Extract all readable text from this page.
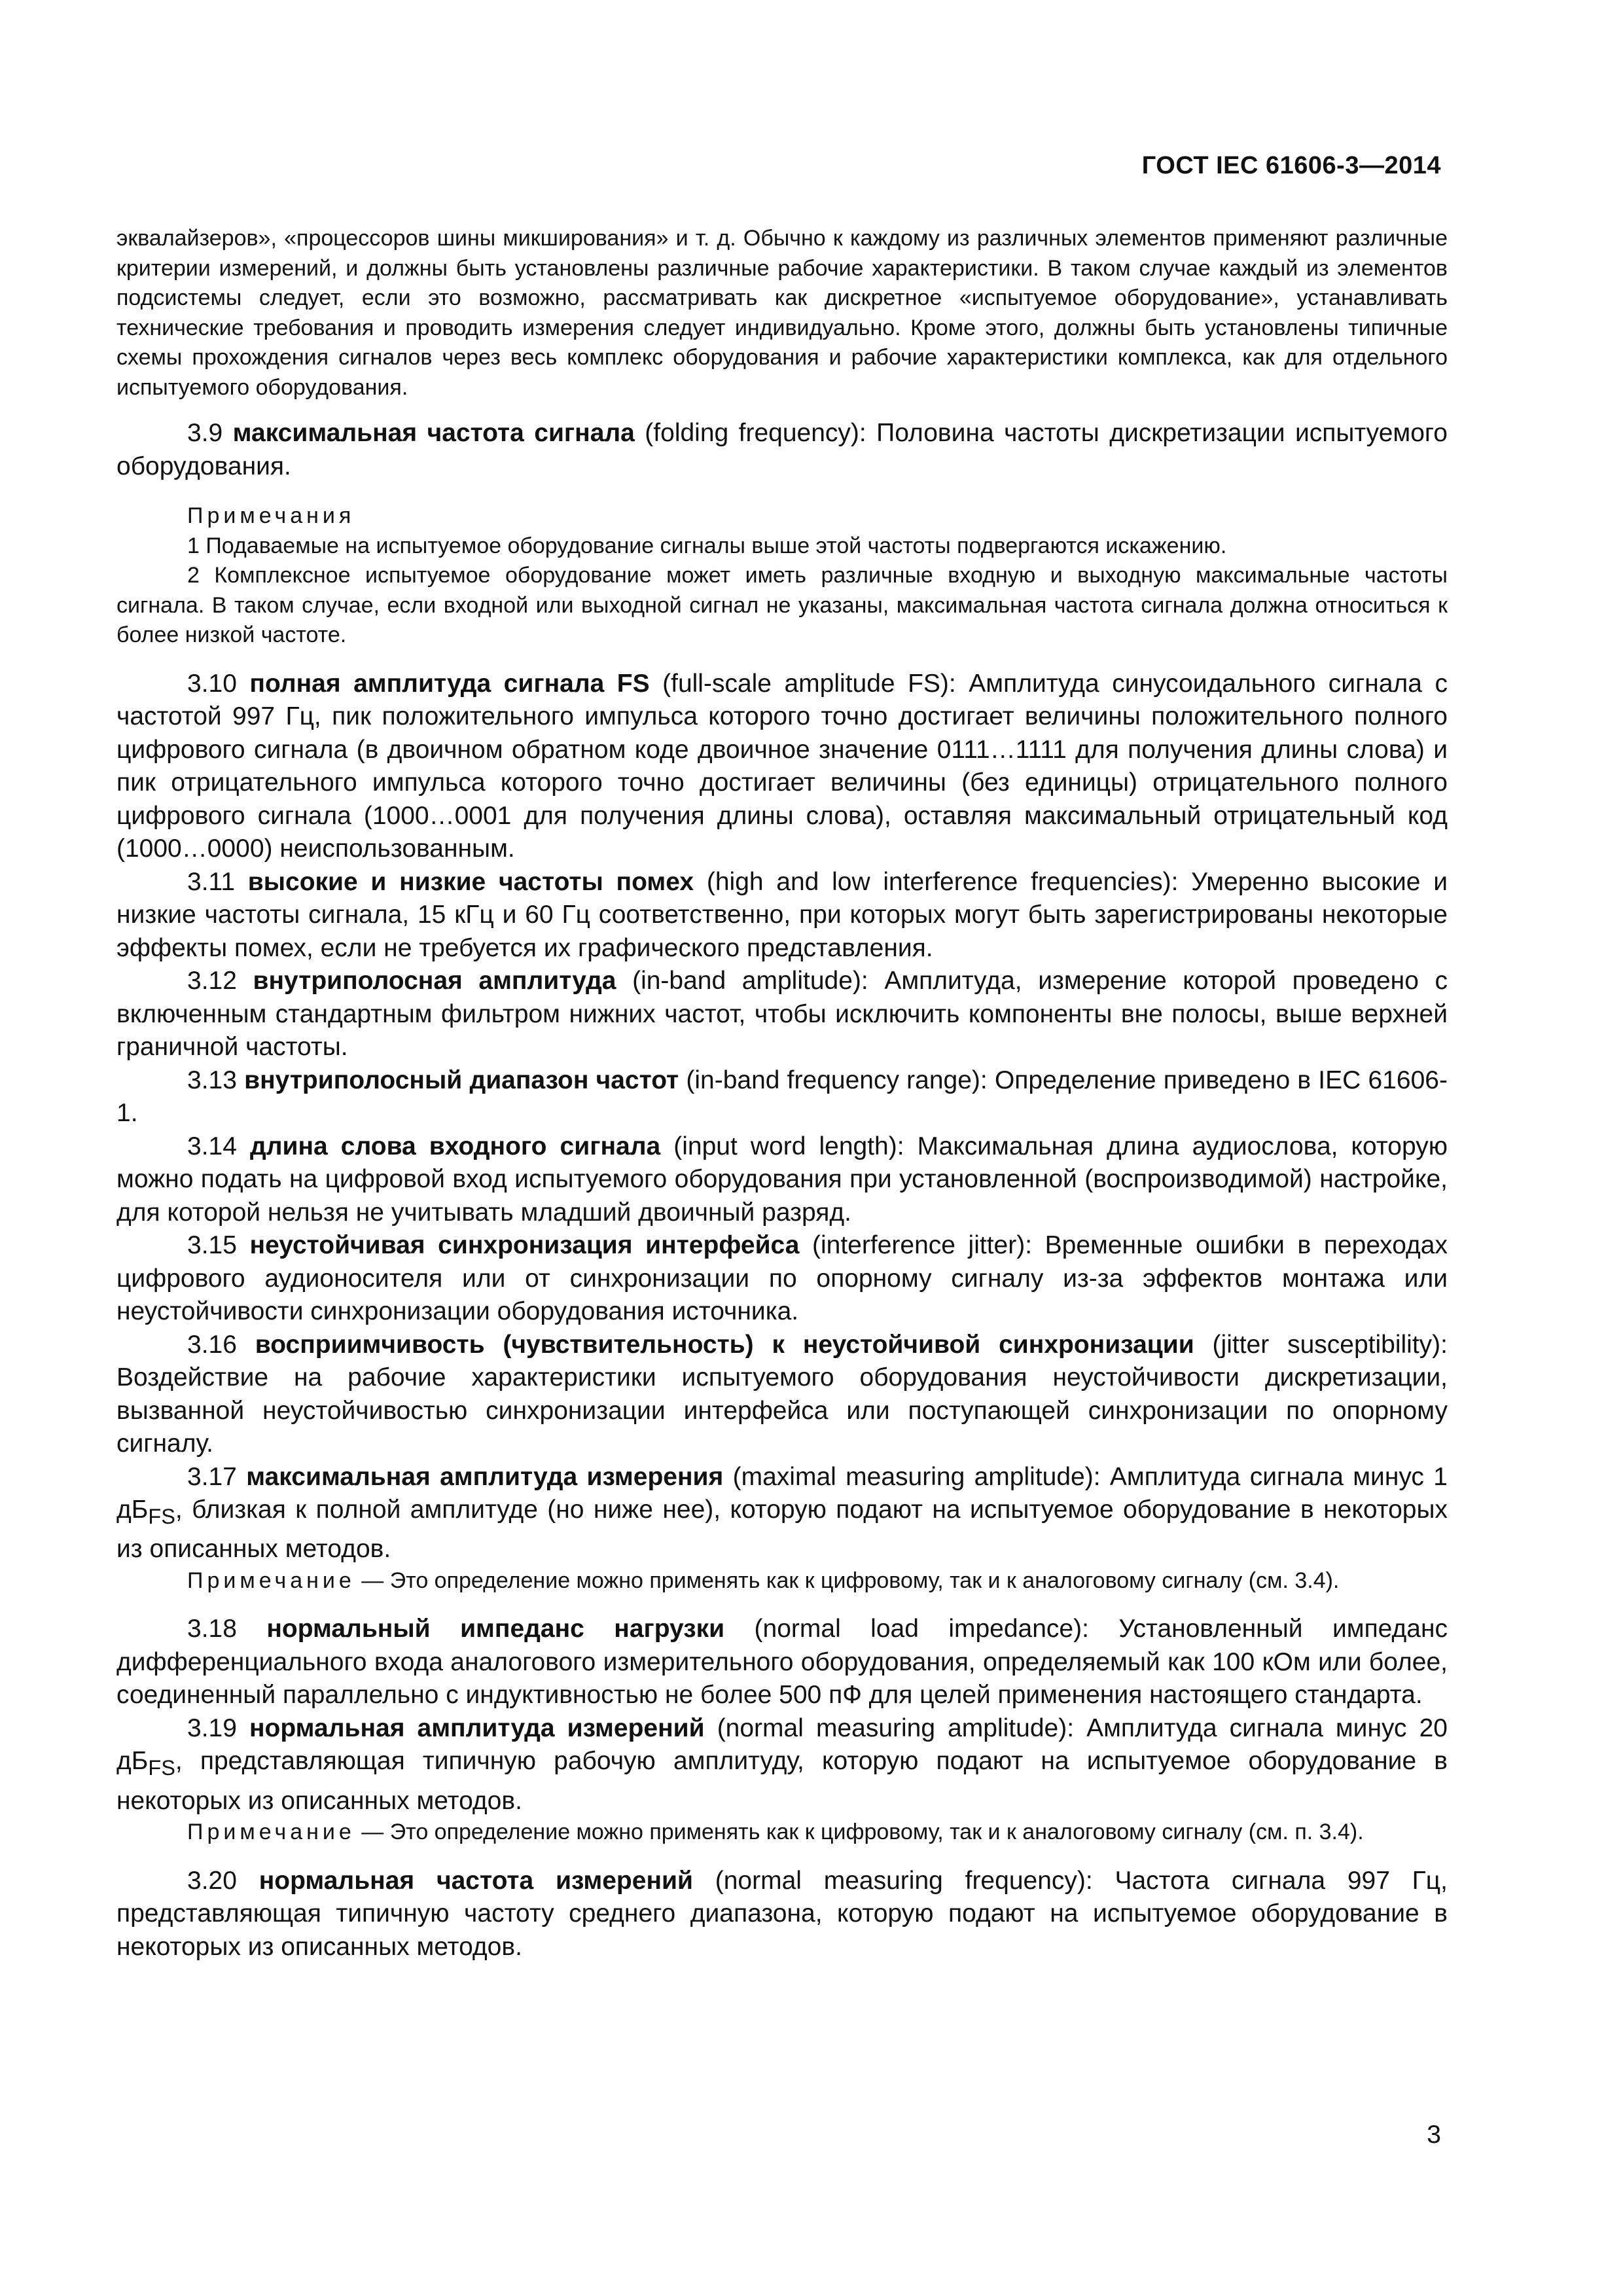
ГОСТ IEC 61606-3—2014

эквалайзеров», «процессоров шины микширования» и т. д. Обычно к каждому из различных элементов применяют различные критерии измерений, и должны быть установлены различные рабочие характеристики. В таком случае каждый из элементов подсистемы следует, если это возможно, рассматривать как дискретное «испытуемое оборудование», устанавливать технические требования и проводить измерения следует индивидуально. Кроме этого, должны быть установлены типичные схемы прохождения сигналов через весь комплекс оборудования и рабочие характеристики комплекса, как для отдельного испытуемого оборудования.

3.9 максимальная частота сигнала (folding frequency): Половина частоты дискретизации испытуемого оборудования.

Примечания

1 Подаваемые на испытуемое оборудование сигналы выше этой частоты подвергаются искажению.

2 Комплексное испытуемое оборудование может иметь различные входную и выходную максимальные частоты сигнала. В таком случае, если входной или выходной сигнал не указаны, максимальная частота сигнала должна относиться к более низкой частоте.

3.10 полная амплитуда сигнала FS (full-scale amplitude FS): Амплитуда синусоидального сигнала с частотой 997 Гц, пик положительного импульса которого точно достигает величины положительного полного цифрового сигнала (в двоичном обратном коде двоичное значение 0111…1111 для получения длины слова) и пик отрицательного импульса которого точно достигает величины (без единицы) отрицательного полного цифрового сигнала (1000…0001 для получения длины слова), оставляя максимальный отрицательный код (1000…0000) неиспользованным.

3.11 высокие и низкие частоты помех (high and low interference frequencies): Умеренно высокие и низкие частоты сигнала, 15 кГц и 60 Гц соответственно, при которых могут быть зарегистрированы некоторые эффекты помех, если не требуется их графического представления.

3.12 внутриполосная амплитуда (in-band amplitude): Амплитуда, измерение которой проведено с включенным стандартным фильтром нижних частот, чтобы исключить компоненты вне полосы, выше верхней граничной частоты.

3.13 внутриполосный диапазон частот (in-band frequency range): Определение приведено в IEC 61606-1.

3.14 длина слова входного сигнала (input word length): Максимальная длина аудиослова, которую можно подать на цифровой вход испытуемого оборудования при установленной (воспроизводимой) настройке, для которой нельзя не учитывать младший двоичный разряд.

3.15 неустойчивая синхронизация интерфейса (interference jitter): Временные ошибки в переходах цифрового аудионосителя или от синхронизации по опорному сигналу из-за эффектов монтажа или неустойчивости синхронизации оборудования источника.

3.16 восприимчивость (чувствительность) к неустойчивой синхронизации (jitter susceptibility): Воздействие на рабочие характеристики испытуемого оборудования неустойчивости дискретизации, вызванной неустойчивостью синхронизации интерфейса или поступающей синхронизации по опорному сигналу.

3.17 максимальная амплитуда измерения (maximal measuring amplitude): Амплитуда сигнала минус 1 $дБ_{FS}$, близкая к полной амплитуде (но ниже нее), которую подают на испытуемое оборудование в некоторых из описанных методов.

Примечание — Это определение можно применять как к цифровому, так и к аналоговому сигналу (см. 3.4).

3.18 нормальный импеданс нагрузки (normal load impedance): Установленный импеданс дифференциального входа аналогового измерительного оборудования, определяемый как 100 кОм или более, соединенный параллельно с индуктивностью не более 500 пФ для целей применения настоящего стандарта.

3.19 нормальная амплитуда измерений (normal measuring amplitude): Амплитуда сигнала минус 20 $дБ_{FS}$, представляющая типичную рабочую амплитуду, которую подают на испытуемое оборудование в некоторых из описанных методов.

Примечание — Это определение можно применять как к цифровому, так и к аналоговому сигналу (см. п. 3.4).

3.20 нормальная частота измерений (normal measuring frequency): Частота сигнала 997 Гц, представляющая типичную частоту среднего диапазона, которую подают на испытуемое оборудование в некоторых из описанных методов.

3
